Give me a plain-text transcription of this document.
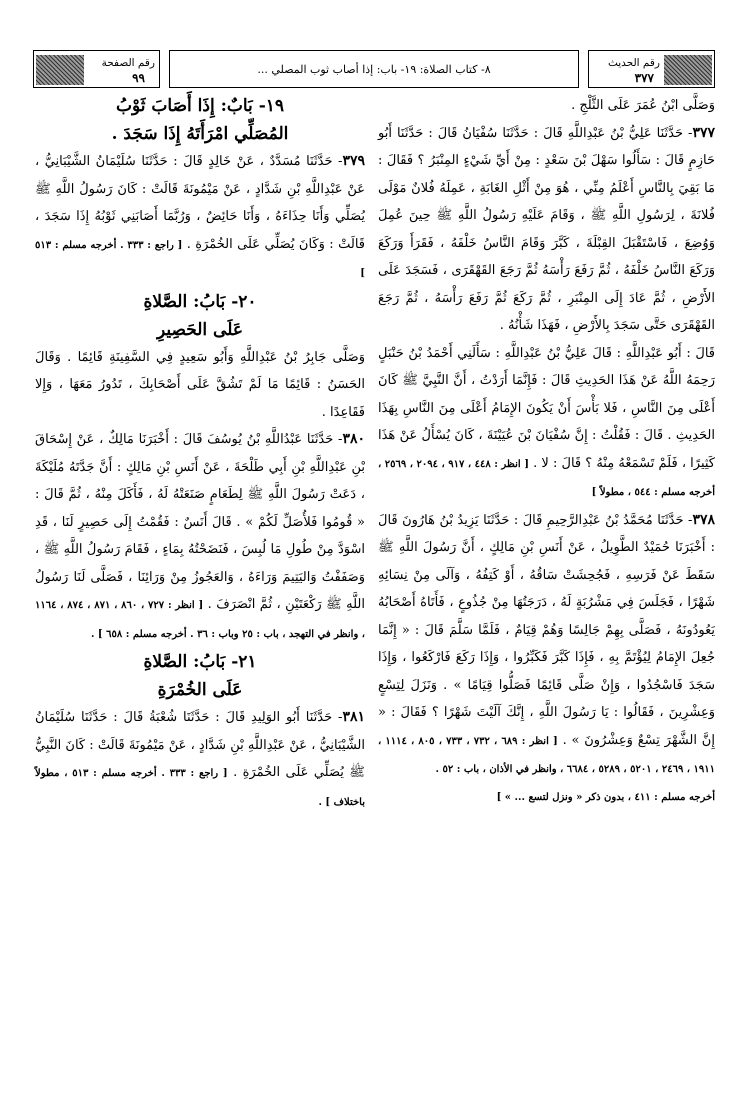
رقم الحديث
٣٧٧
٨- كتاب الصلاة: ١٩- باب: إذا أصاب ثوب المصلي ...
رقم الصفحة
٩٩

وَصَلَّى ابْنُ عُمَرَ عَلَى الثَّلْجِ .

٣٧٧- حَدَّثَنَا عَلِيُّ بْنُ عَبْدِاللَّهِ قَالَ : حَدَّثَنَا سُفْيَانُ قَالَ : حَدَّثَنَا أَبُو حَازِمٍ قَالَ : سَأَلُوا سَهْلَ بْنَ سَعْدٍ : مِنْ أَيِّ شَيْءٍ المِنْبَرُ ؟ فَقَالَ : مَا بَقِيَ بِالنَّاسِ أَعْلَمُ مِنِّي ، هُوَ مِنْ أَثْلِ الغَابَةِ ، عَمِلَهُ فُلانٌ مَوْلَى فُلانَةَ ، لِرَسُولِ اللَّهِ ﷺ ، وَقَامَ عَلَيْهِ رَسُولُ اللَّهِ ﷺ حِينَ عُمِلَ وَوُضِعَ ، فَاسْتَقْبَلَ القِبْلَةَ ، كَبَّرَ وَقَامَ النَّاسُ خَلْفَهُ ، فَقَرَأَ وَرَكَعَ وَرَكَعَ النَّاسُ خَلْفَهُ ، ثُمَّ رَفَعَ رَأْسَهُ ثُمَّ رَجَعَ القَهْقَرَى ، فَسَجَدَ عَلَى الأَرْضِ ، ثُمَّ عَادَ إِلَى المِنْبَرِ ، ثُمَّ رَكَعَ ثُمَّ رَفَعَ رَأْسَهُ ، ثُمَّ رَجَعَ القَهْقَرَى حَتَّى سَجَدَ بِالأَرْضِ ، فَهَذَا شَأْنُهُ .

قَالَ : أَبُو عَبْدِاللَّهِ : قَالَ عَلِيُّ بْنُ عَبْدِاللَّهِ : سَأَلَنِي أَحْمَدُ بْنُ حَنْبَلٍ رَحِمَهُ اللَّهُ عَنْ هَذَا الحَدِيثِ قَالَ : فَإِنَّمَا أَرَدْتُ ، أَنَّ النَّبِيَّ ﷺ كَانَ أَعْلَى مِنَ النَّاسِ ، فَلا بَأْسَ أَنْ يَكُونَ الإِمَامُ أَعْلَى مِنَ النَّاسِ بِهَذَا الحَدِيثِ . قَالَ : فَقُلْتُ : إِنَّ سُفْيَانَ بْنَ عُيَيْنَةَ ، كَانَ يُسْأَلُ عَنْ هَذَا كَثِيرًا ، فَلَمْ تَسْمَعْهُ مِنْهُ ؟ قَالَ : لا . [ انظر : ٤٤٨ ، ٩١٧ ، ٢٠٩٤ ، ٢٥٦٩ ، أخرجه مسلم : ٥٤٤ ، مطولاً ]

٣٧٨- حَدَّثَنَا مُحَمَّدُ بْنُ عَبْدِالرَّحِيمِ قَالَ : حَدَّثَنَا يَزِيدُ بْنُ هَارُونَ قَالَ : أَخْبَرَنَا حُمَيْدٌ الطَّوِيلُ ، عَنْ أَنَسِ بْنِ مَالِكٍ ، أَنَّ رَسُولَ اللَّهِ ﷺ سَقَطَ عَنْ فَرَسِهِ ، فَجُحِشَتْ سَاقُهُ ، أَوْ كَتِفُهُ ، وَآلَى مِنْ نِسَائِهِ شَهْرًا ، فَجَلَسَ فِي مَشْرُبَةٍ لَهُ ، دَرَجَتُهَا مِنْ جُذُوعٍ ، فَأَتَاهُ أَصْحَابُهُ يَعُودُونَهُ ، فَصَلَّى بِهِمْ جَالِسًا وَهُمْ قِيَامٌ ، فَلَمَّا سَلَّمَ قَالَ : « إِنَّمَا جُعِلَ الإِمَامُ لِيُؤْتَمَّ بِهِ ، فَإِذَا كَبَّرَ فَكَبِّرُوا ، وَإِذَا رَكَعَ فَارْكَعُوا ، وَإِذَا سَجَدَ فَاسْجُدُوا ، وَإِنْ صَلَّى قَائِمًا فَصَلُّوا قِيَامًا » . وَنَزَلَ لِتِسْعٍ وَعِشْرِينَ ، فَقَالُوا : يَا رَسُولَ اللَّهِ ، إِنَّكَ آلَيْتَ شَهْرًا ؟ فَقَالَ : « إِنَّ الشَّهْرَ تِسْعٌ وَعِشْرُونَ » . [ انظر : ٦٨٩ ، ٧٣٢ ، ٧٣٣ ، ٨٠٥ ، ١١١٤ ، ١٩١١ ، ٢٤٦٩ ، ٥٢٠١ ، ٥٢٨٩ ، ٦٦٨٤ ، وانظر في الأذان ، باب : ٥٢ .

أخرجه مسلم : ٤١١ ، بدون ذكر « ونزل لتسع ... » ]

١٩- بَابٌ: إِذَا أَصَابَ ثَوْبُ

المُصَلِّي امْرَأَتَهُ إِذَا سَجَدَ .

٣٧٩- حَدَّثَنَا مُسَدَّدٌ ، عَنْ خَالِدٍ قَالَ : حَدَّثَنَا سُلَيْمَانُ الشَّيْبَانِيُّ ، عَنْ عَبْدِاللَّهِ بْنِ شَدَّادٍ ، عَنْ مَيْمُونَةَ قَالَتْ : كَانَ رَسُولُ اللَّهِ ﷺ يُصَلِّي وَأَنَا حِذَاءَهُ ، وَأَنَا حَائِضٌ ، وَرُبَّمَا أَصَابَنِي ثَوْبُهُ إِذَا سَجَدَ ، قَالَتْ : وَكَانَ يُصَلِّي عَلَى الخُمْرَةِ . [ راجع : ٣٣٣ . أخرجه مسلم : ٥١٣ ]

٢٠- بَابُ: الصَّلاةِ

عَلَى الحَصِيرِ

وَصَلَّى جَابِرُ بْنُ عَبْدِاللَّهِ وَأَبُو سَعِيدٍ فِي السَّفِينَةِ قَائِمًا . وَقَالَ الحَسَنُ : قَائِمًا مَا لَمْ تَشُقَّ عَلَى أَصْحَابِكَ ، تَدُورُ مَعَهَا ، وَإِلا فَقَاعِدًا .

٣٨٠- حَدَّثَنَا عَبْدُاللَّهِ بْنُ يُوسُفَ قَالَ : أَخْبَرَنَا مَالِكٌ ، عَنْ إِسْحَاقَ بْنِ عَبْدِاللَّهِ بْنِ أَبِي طَلْحَةَ ، عَنْ أَنَسِ بْنِ مَالِكٍ : أَنَّ جَدَّتَهُ مُلَيْكَةَ ، دَعَتْ رَسُولَ اللَّهِ ﷺ لِطَعَامٍ صَنَعَتْهُ لَهُ ، فَأَكَلَ مِنْهُ ، ثُمَّ قَالَ : « قُومُوا فَلأُصَلِّ لَكُمْ » . قَالَ أَنَسٌ : فَقُمْتُ إِلَى حَصِيرٍ لَنَا ، قَدِ اسْوَدَّ مِنْ طُولِ مَا لُبِسَ ، فَنَضَحْتُهُ بِمَاءٍ ، فَقَامَ رَسُولُ اللَّهِ ﷺ ، وَصَفَفْتُ وَاليَتِيمَ وَرَاءَهُ ، وَالعَجُوزُ مِنْ وَرَائِنَا ، فَصَلَّى لَنَا رَسُولُ اللَّهِ ﷺ رَكْعَتَيْنِ ، ثُمَّ انْصَرَفَ . [ انظر : ٧٢٧ ، ٨٦٠ ، ٨٧١ ، ٨٧٤ ، ١١٦٤ ، وانظر في التهجد ، باب : ٢٥ وباب : ٣٦ . أخرجه مسلم : ٦٥٨ ] .

٢١- بَابُ: الصَّلاةِ

عَلَى الخُمْرَةِ

٣٨١- حَدَّثَنَا أَبُو الوَلِيدِ قَالَ : حَدَّثَنَا شُعْبَةُ قَالَ : حَدَّثَنَا سُلَيْمَانُ الشَّيْبَانِيُّ ، عَنْ عَبْدِاللَّهِ بْنِ شَدَّادٍ ، عَنْ مَيْمُونَةَ قَالَتْ : كَانَ النَّبِيُّ ﷺ يُصَلِّي عَلَى الخُمْرَةِ . [ راجع : ٣٣٣ . أخرجه مسلم : ٥١٣ ، مطولاً باختلاف ] .
